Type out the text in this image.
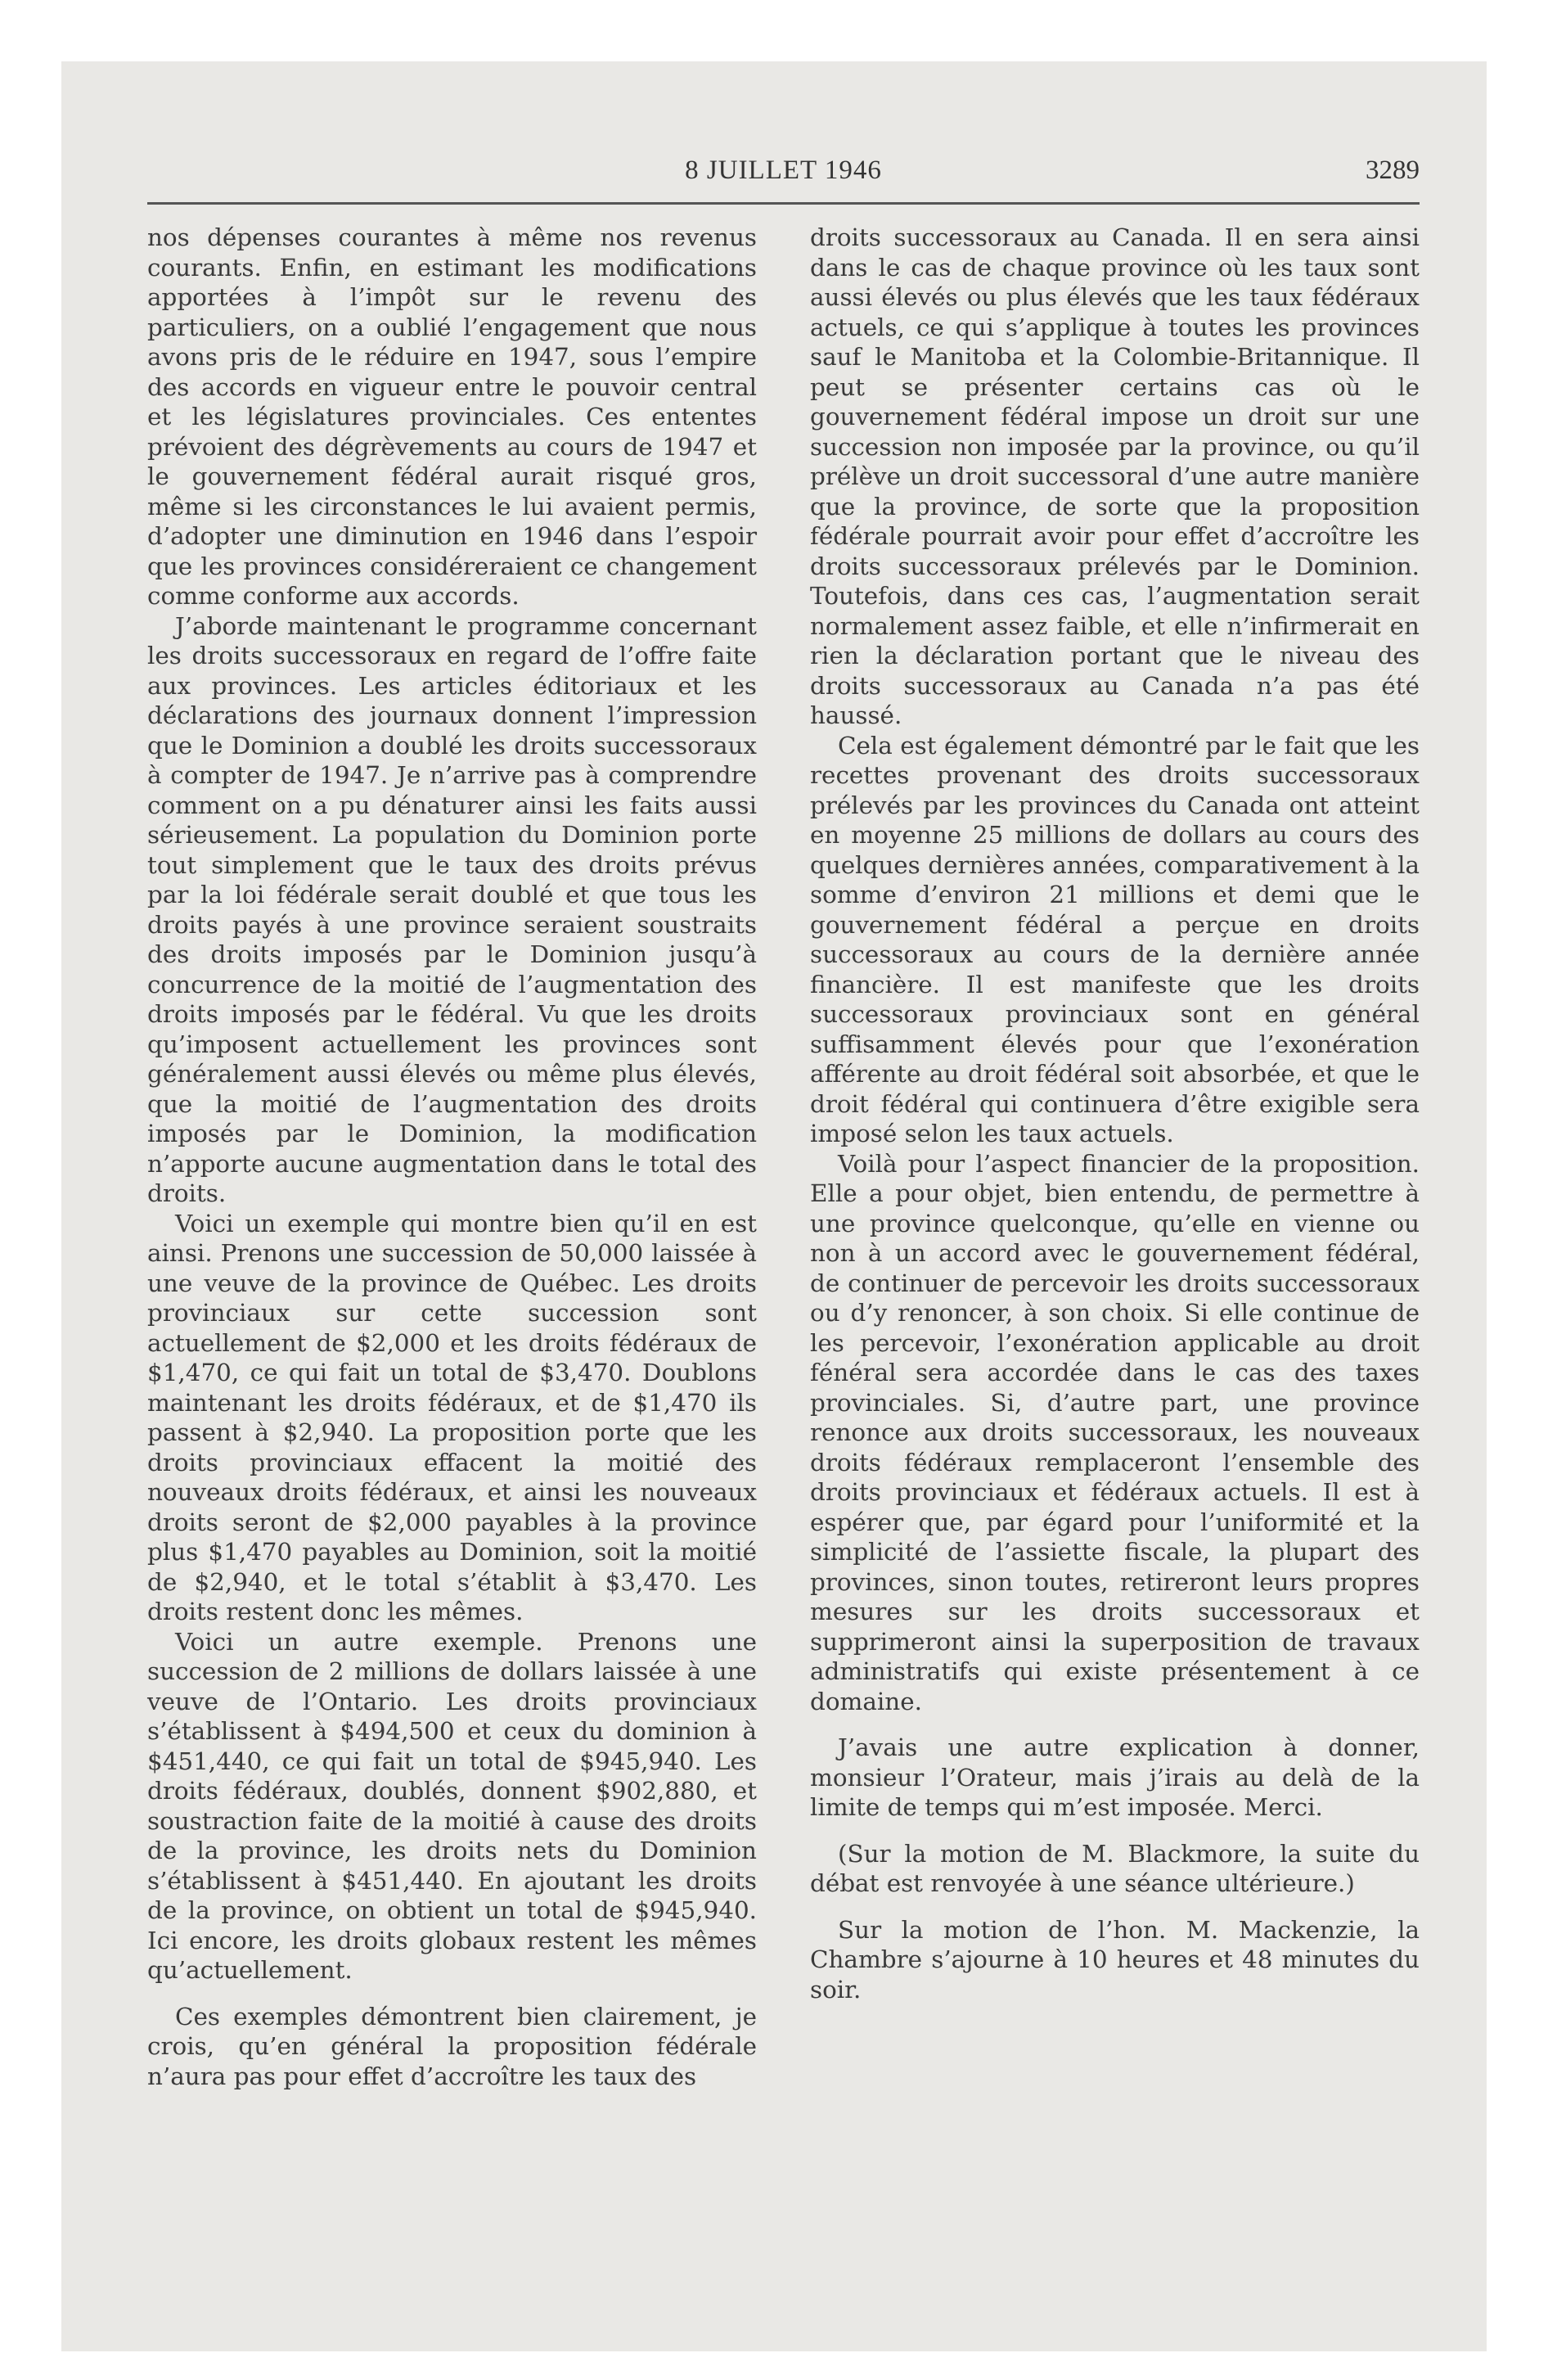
8 JUILLET 1946	3289

nos dépenses courantes à même nos revenus courants. Enfin, en estimant les modifications apportées à l’impôt sur le revenu des particuliers, on a oublié l’engagement que nous avons pris de le réduire en 1947, sous l’empire des accords en vigueur entre le pouvoir central et les législatures provinciales. Ces ententes prévoient des dégrèvements au cours de 1947 et le gouvernement fédéral aurait risqué gros, même si les circonstances le lui avaient permis, d’adopter une diminution en 1946 dans l’espoir que les provinces considéreraient ce changement comme conforme aux accords.

J’aborde maintenant le programme concernant les droits successoraux en regard de l’offre faite aux provinces. Les articles éditoriaux et les déclarations des journaux donnent l’impression que le Dominion a doublé les droits successoraux à compter de 1947. Je n’arrive pas à comprendre comment on a pu dénaturer ainsi les faits aussi sérieusement. La population du Dominion porte tout simplement que le taux des droits prévus par la loi fédérale serait doublé et que tous les droits payés à une province seraient soustraits des droits imposés par le Dominion jusqu’à concurrence de la moitié de l’augmentation des droits imposés par le fédéral. Vu que les droits qu’imposent actuellement les provinces sont généralement aussi élevés ou même plus élevés, que la moitié de l’augmentation des droits imposés par le Dominion, la modification n’apporte aucune augmentation dans le total des droits.

Voici un exemple qui montre bien qu’il en est ainsi. Prenons une succession de 50,000 laissée à une veuve de la province de Québec. Les droits provinciaux sur cette succession sont actuellement de $2,000 et les droits fédéraux de $1,470, ce qui fait un total de $3,470. Doublons maintenant les droits fédéraux, et de $1,470 ils passent à $2,940. La proposition porte que les droits provinciaux effacent la moitié des nouveaux droits fédéraux, et ainsi les nouveaux droits seront de $2,000 payables à la province plus $1,470 payables au Dominion, soit la moitié de $2,940, et le total s’établit à $3,470. Les droits restent donc les mêmes.

Voici un autre exemple. Prenons une succession de 2 millions de dollars laissée à une veuve de l’Ontario. Les droits provinciaux s’établissent à $494,500 et ceux du dominion à $451,440, ce qui fait un total de $945,940. Les droits fédéraux, doublés, donnent $902,880, et soustraction faite de la moitié à cause des droits de la province, les droits nets du Dominion s’établissent à $451,440. En ajoutant les droits de la province, on obtient un total de $945,940. Ici encore, les droits globaux restent les mêmes qu’actuellement.

Ces exemples démontrent bien clairement, je crois, qu’en général la proposition fédérale n’aura pas pour effet d’accroître les taux des

droits successoraux au Canada. Il en sera ainsi dans le cas de chaque province où les taux sont aussi élevés ou plus élevés que les taux fédéraux actuels, ce qui s’applique à toutes les provinces sauf le Manitoba et la Colombie-Britannique. Il peut se présenter certains cas où le gouvernement fédéral impose un droit sur une succession non imposée par la province, ou qu’il prélève un droit successoral d’une autre manière que la province, de sorte que la proposition fédérale pourrait avoir pour effet d’accroître les droits successoraux prélevés par le Dominion. Toutefois, dans ces cas, l’augmentation serait normalement assez faible, et elle n’infirmerait en rien la déclaration portant que le niveau des droits successoraux au Canada n’a pas été haussé.

Cela est également démontré par le fait que les recettes provenant des droits successoraux prélevés par les provinces du Canada ont atteint en moyenne 25 millions de dollars au cours des quelques dernières années, comparativement à la somme d’environ 21 millions et demi que le gouvernement fédéral a perçue en droits successoraux au cours de la dernière année financière. Il est manifeste que les droits successoraux provinciaux sont en général suffisamment élevés pour que l’exonération afférente au droit fédéral soit absorbée, et que le droit fédéral qui continuera d’être exigible sera imposé selon les taux actuels.

Voilà pour l’aspect financier de la proposition. Elle a pour objet, bien entendu, de permettre à une province quelconque, qu’elle en vienne ou non à un accord avec le gouvernement fédéral, de continuer de percevoir les droits successoraux ou d’y renoncer, à son choix. Si elle continue de les percevoir, l’exonération applicable au droit fénéral sera accordée dans le cas des taxes provinciales. Si, d’autre part, une province renonce aux droits successoraux, les nouveaux droits fédéraux remplaceront l’ensemble des droits provinciaux et fédéraux actuels. Il est à espérer que, par égard pour l’uniformité et la simplicité de l’assiette fiscale, la plupart des provinces, sinon toutes, retireront leurs propres mesures sur les droits successoraux et supprimeront ainsi la superposition de travaux administratifs qui existe présentement à ce domaine.

J’avais une autre explication à donner, monsieur l’Orateur, mais j’irais au delà de la limite de temps qui m’est imposée. Merci.

(Sur la motion de M. Blackmore, la suite du débat est renvoyée à une séance ultérieure.)

Sur la motion de l’hon. M. Mackenzie, la Chambre s’ajourne à 10 heures et 48 minutes du soir.
